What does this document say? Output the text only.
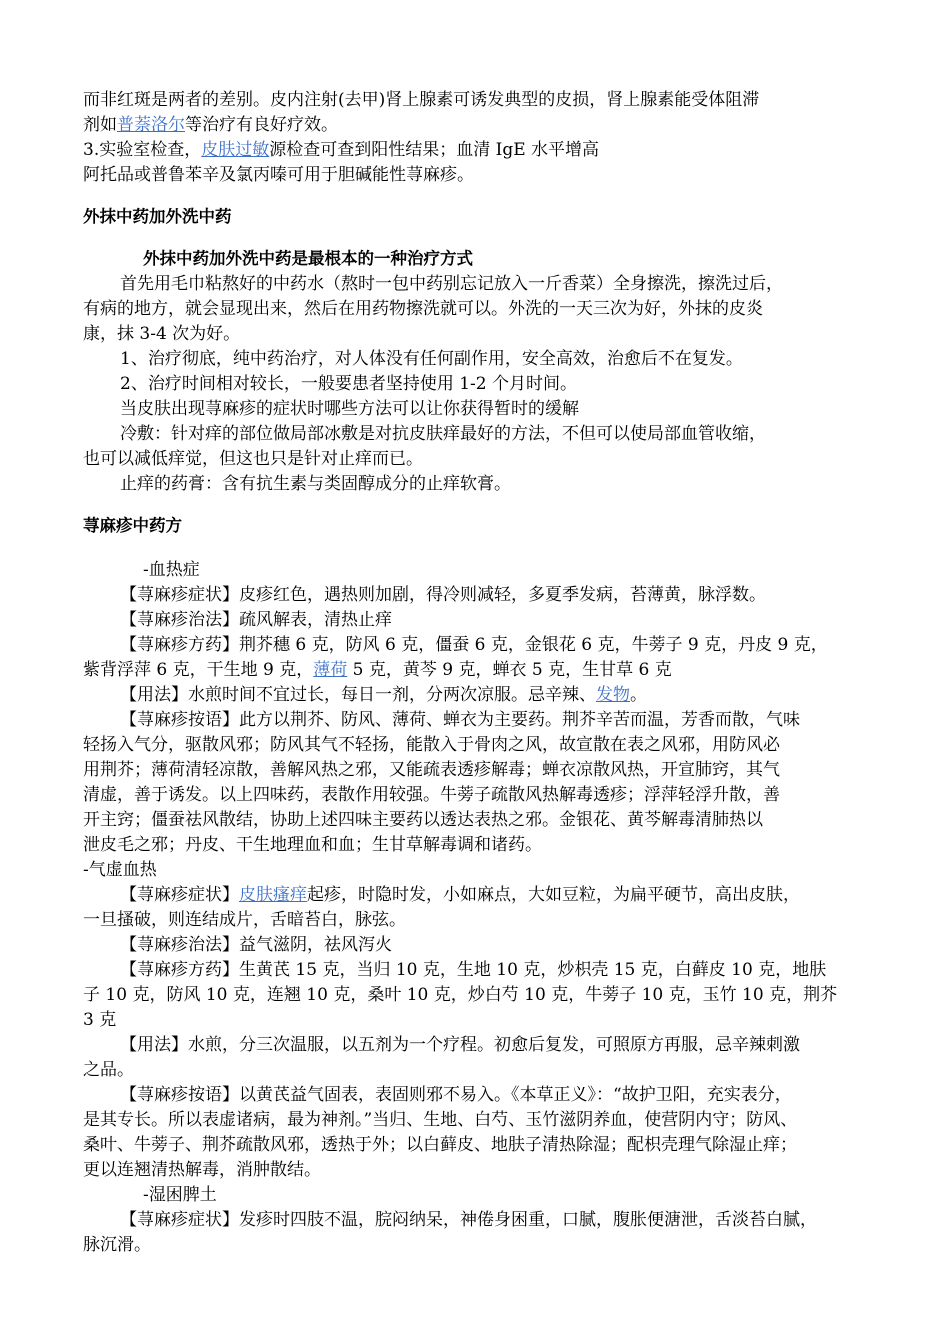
而非红斑是两者的差别。皮内注射(去甲)肾上腺素可诱发典型的皮损，肾上腺素能受体阻滞
剂如普萘洛尔等治疗有良好疗效。
3.实验室检查，皮肤过敏源检查可查到阳性结果；血清 IgE 水平增高
阿托品或普鲁苯辛及氯丙嗪可用于胆碱能性荨麻疹。
外抹中药加外洗中药
外抹中药加外洗中药是最根本的一种治疗方式
首先用毛巾粘熬好的中药水（熬时一包中药别忘记放入一斤香菜）全身擦洗，擦洗过后，
有病的地方，就会显现出来，然后在用药物擦洗就可以。外洗的一天三次为好，外抹的皮炎
康，抹 3-4 次为好。
1、治疗彻底，纯中药治疗，对人体没有任何副作用，安全高效，治愈后不在复发。
2、治疗时间相对较长，一般要患者坚持使用 1-2 个月时间。
当皮肤出现荨麻疹的症状时哪些方法可以让你获得暂时的缓解
冷敷：针对痒的部位做局部冰敷是对抗皮肤痒最好的方法，不但可以使局部血管收缩，
也可以减低痒觉，但这也只是针对止痒而已。
止痒的药膏：含有抗生素与类固醇成分的止痒软膏。
荨麻疹中药方
-血热症
【荨麻疹症状】皮疹红色，遇热则加剧，得冷则减轻，多夏季发病，苔薄黄，脉浮数。
【荨麻疹治法】疏风解表，清热止痒
【荨麻疹方药】荆芥穗 6 克，防风 6 克，僵蚕 6 克，金银花 6 克，牛蒡子 9 克，丹皮 9 克，
紫背浮萍 6 克，干生地 9 克，薄荷 5 克，黄芩 9 克，蝉衣 5 克，生甘草 6 克
【用法】水煎时间不宜过长，每日一剂，分两次凉服。忌辛辣、发物。
【荨麻疹按语】此方以荆芥、防风、薄荷、蝉衣为主要药。荆芥辛苦而温，芳香而散，气味
轻扬入气分，驱散风邪；防风其气不轻扬，能散入于骨肉之风，故宣散在表之风邪，用防风必
用荆芥；薄荷清轻凉散，善解风热之邪，又能疏表透疹解毒；蝉衣凉散风热，开宣肺窍，其气
清虚，善于诱发。以上四味药，表散作用较强。牛蒡子疏散风热解毒透疹；浮萍轻浮升散，善
开主窍；僵蚕祛风散结，协助上述四味主要药以透达表热之邪。金银花、黄芩解毒清肺热以
泄皮毛之邪；丹皮、干生地理血和血；生甘草解毒调和诸药。
-气虚血热
【荨麻疹症状】皮肤瘙痒起疹，时隐时发，小如麻点，大如豆粒，为扁平硬节，高出皮肤，
一旦搔破，则连结成片，舌暗苔白，脉弦。
【荨麻疹治法】益气滋阴，祛风泻火
【荨麻疹方药】生黄芪 15 克，当归 10 克，生地 10 克，炒枳壳 15 克，白藓皮 10 克，地肤
子 10 克，防风 10 克，连翘 10 克，桑叶 10 克，炒白芍 10 克，牛蒡子 10 克，玉竹 10 克，荆芥
3 克
【用法】水煎，分三次温服，以五剂为一个疗程。初愈后复发，可照原方再服，忌辛辣刺激
之品。
【荨麻疹按语】以黄芪益气固表，表固则邪不易入。《本草正义》：“故护卫阳，充实表分，
是其专长。所以表虚诸病，最为神剂。”当归、生地、白芍、玉竹滋阴养血，使营阴内守；防风、
桑叶、牛蒡子、荆芥疏散风邪，透热于外；以白藓皮、地肤子清热除湿；配枳壳理气除湿止痒；
更以连翘清热解毒，消肿散结。
-湿困脾土
【荨麻疹症状】发疹时四肢不温，脘闷纳呆，神倦身困重，口腻，腹胀便溏泄，舌淡苔白腻，
脉沉滑。
